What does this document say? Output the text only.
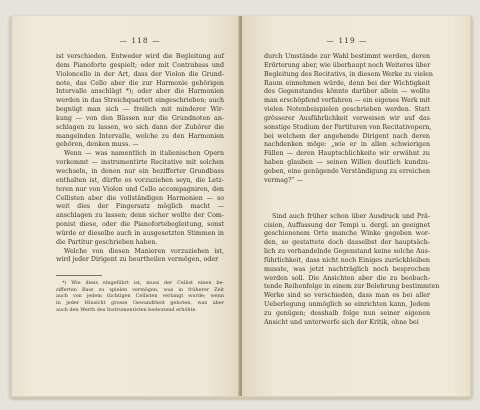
— 118 —
ist verschieden. Entweder wird die Begleitung auf
dem Pianoforte gespielt; oder mit Contrabass und
Violoncello in der Art, dass der Violon die Grund-
note, das Cello aber die zur Harmonie gehörigen
Intervalle anschlägt *); oder aber die Harmonien
werden in das Streichquartett eingeschrieben; auch
begnügt man sich — freilich mit minderer Wir-
kung — von den Bässen nur die Grundnoten an-
schlagen zu lassen, wo sich dann der Zuhörer die
mangelnden Intervalle, welche zu den Harmonien
gehören, denken muss. —
Wenn — was namentlich in italienischen Opern
vorkommt — instrumentirte Recitative mit solchen
wechseln, in denen nur ein bezifferter Grundbass
enthalten ist, dürfte es vorzuziehen seyn, die Letz-
teren nur von Violon und Cello accompagniren, den
Cellisten aber die vollständigen Harmonien — so
weit dies der Fingersatz möglich macht —
anschlagen zu lassen; denn sicher wollte der Com-
ponist diese, oder die Pianofortebegleitung, sonst
würde er dieselbe auch in ausgesetzten Stimmen in
die Partitur geschrieben haben.
Welche von diesen Manieren vorzuziehen ist,
wird jeder Dirigent zu beurtheilen vermögen, oder
*) Wie diess eingeführt ist, muss der Cellist einen be-
zifferten Bass zu spielen vermögen, was in früherer Zeit
auch von jedem tüchtigen Cellisten verlangt wurde; wenn
in jeder Hinsicht grosse Gewandtheit geboten, was aber
auch den Werth des Instrumentisten bedeutend erhöhte.
— 119 —
durch Umstände zur Wahl bestimmt werden, deren
Erörterung aber, wie überhaupt noch Weiteres über
Begleitung des Recitativs, in diesem Werke zu vielen
Raum einnehmen würde, denn bei der Wichtigkeit
des Gegenstandes könnte darüber allein — wollte
man erschöpfend verfahren — ein eigenes Werk mit
vielen Notenbeispielen geschrieben werden. Statt
grösserer Ausführlichkeit verweisen wir auf das
sonstige Studium der Partituren von Recitativopern,
bei welchem der angehende Dirigent nach deren
nachdenken möge: „wie er in allen schwierigen
Fällen — deren Hauptschlichkeite wir erwähnt zu
haben glauben — seinen Willen deutlich kundzu-
geben, eine genügende Verständigung zu erreichen
vermag?“ —
Sind auch früher schon über Ausdruck und Prä-
cision, Auffassung der Tempi u. dergl. an geeignet
geschienenem Orte manche Winke gegeben wor-
den, so gestattete doch dasselbst der hauptsäch-
lich zu verhandelnde Gegenstand keine solche Aus-
führlichkeit, dass nicht noch Einiges zurückbleiben
musste, was jetzt nachträglich noch besprochen
werden soll. Die Ansichten aber die zu beobach-
tende Reihenfolge in einem zur Belehrung bestimmten
Werke sind so verschieden, dass man es bei aller
Ueberlegung unmöglich so einrichten kann, Jedem
zu genügen; desshalb folge nun seiner eigenen
Ansicht und unterwerfe sich der Kritik, ohne bei
